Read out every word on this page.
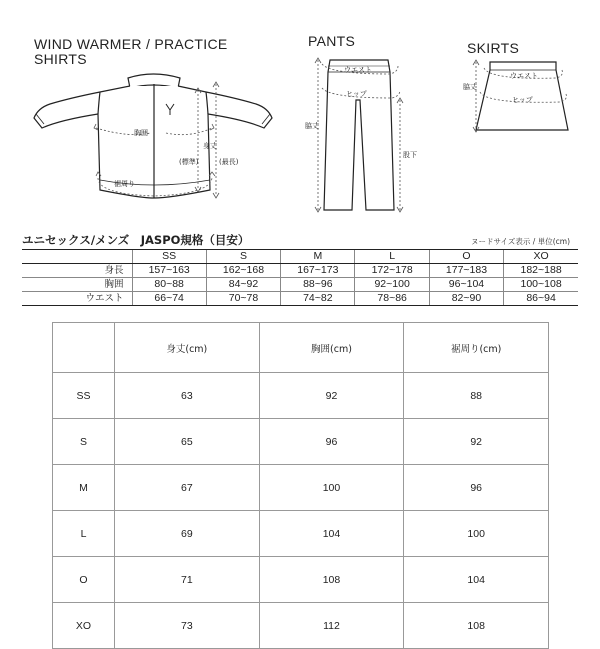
WIND WARMER / PRACTICE
SHIRTS
胸囲
裾周り
身丈
(標準)	(最長)
PANTS
ウエスト
ヒップ
脇丈
股下
SKIRTS
ウエスト
ヒップ
脇丈
ユニセックス/メンズ　JASPO規格（目安）	ヌードサイズ表示 / 単位(cm)
	SS	S	M	L	O	XO
身長	157~163	162~168	167~173	172~178	177~183	182~188
胸囲	80~88	84~92	88~96	92~100	96~104	100~108
ウエスト	66~74	70~78	74~82	78~86	82~90	86~94
	身丈(cm)	胸囲(cm)	裾周り(cm)
SS	63	92	88
S	65	96	92
M	67	100	96
L	69	104	100
O	71	108	104
XO	73	112	108
